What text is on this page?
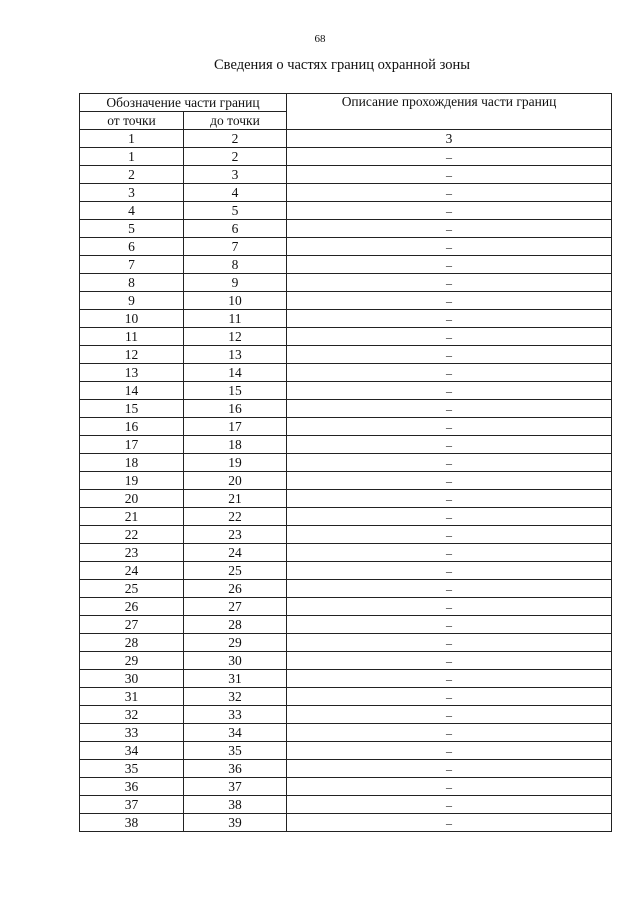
68
Сведения о частях границ охранной зоны
Обозначение части границ		Описание прохождения части границ
от точки	до точки	
1	2	3
1	2	–
2	3	–
3	4	–
4	5	–
5	6	–
6	7	–
7	8	–
8	9	–
9	10	–
10	11	–
11	12	–
12	13	–
13	14	–
14	15	–
15	16	–
16	17	–
17	18	–
18	19	–
19	20	–
20	21	–
21	22	–
22	23	–
23	24	–
24	25	–
25	26	–
26	27	–
27	28	–
28	29	–
29	30	–
30	31	–
31	32	–
32	33	–
33	34	–
34	35	–
35	36	–
36	37	–
37	38	–
38	39	–
